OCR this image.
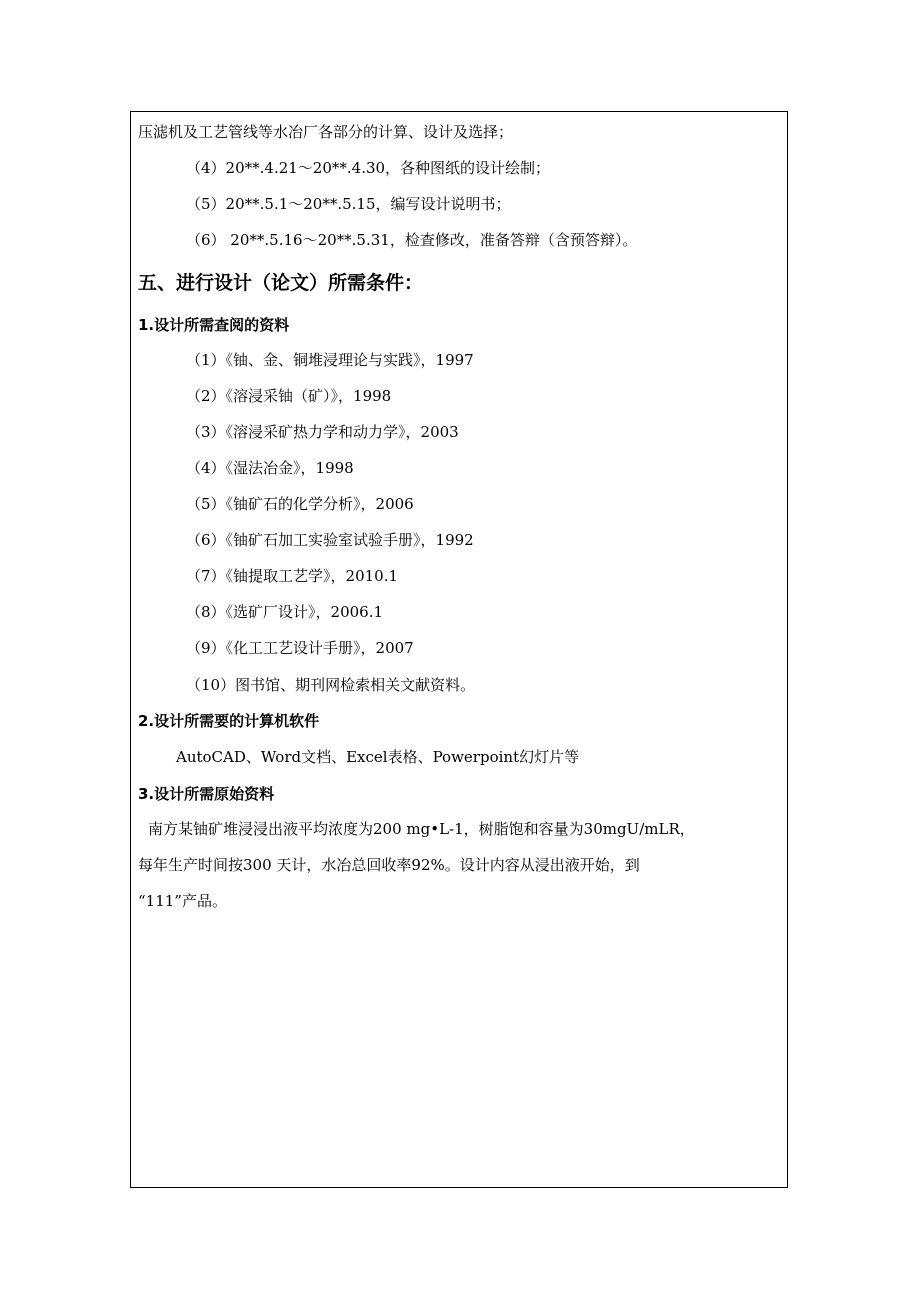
压滤机及工艺管线等水冶厂各部分的计算、设计及选择；
（4）20**.4.21～20**.4.30，各种图纸的设计绘制；
（5）20**.5.1～20**.5.15，编写设计说明书；
（6） 20**.5.16～20**.5.31，检查修改，准备答辩（含预答辩）。
五、进行设计（论文）所需条件：
1.设计所需查阅的资料
（1）《铀、金、铜堆浸理论与实践》，1997
（2）《溶浸采铀（矿）》，1998
（3）《溶浸采矿热力学和动力学》，2003
（4）《湿法冶金》，1998
（5）《铀矿石的化学分析》，2006
（6）《铀矿石加工实验室试验手册》，1992
（7）《铀提取工艺学》，2010.1
（8）《选矿厂设计》，2006.1
（9）《化工工艺设计手册》，2007
（10）图书馆、期刊网检索相关文献资料。
2.设计所需要的计算机软件
AutoCAD、Word文档、Excel表格、Powerpoint幻灯片等
3.设计所需原始资料
南方某铀矿堆浸浸出液平均浓度为200 mg•L-1，树脂饱和容量为30mgU/mLR，
每年生产时间按300 天计，水冶总回收率92%。设计内容从浸出液开始，到
“111”产品。
